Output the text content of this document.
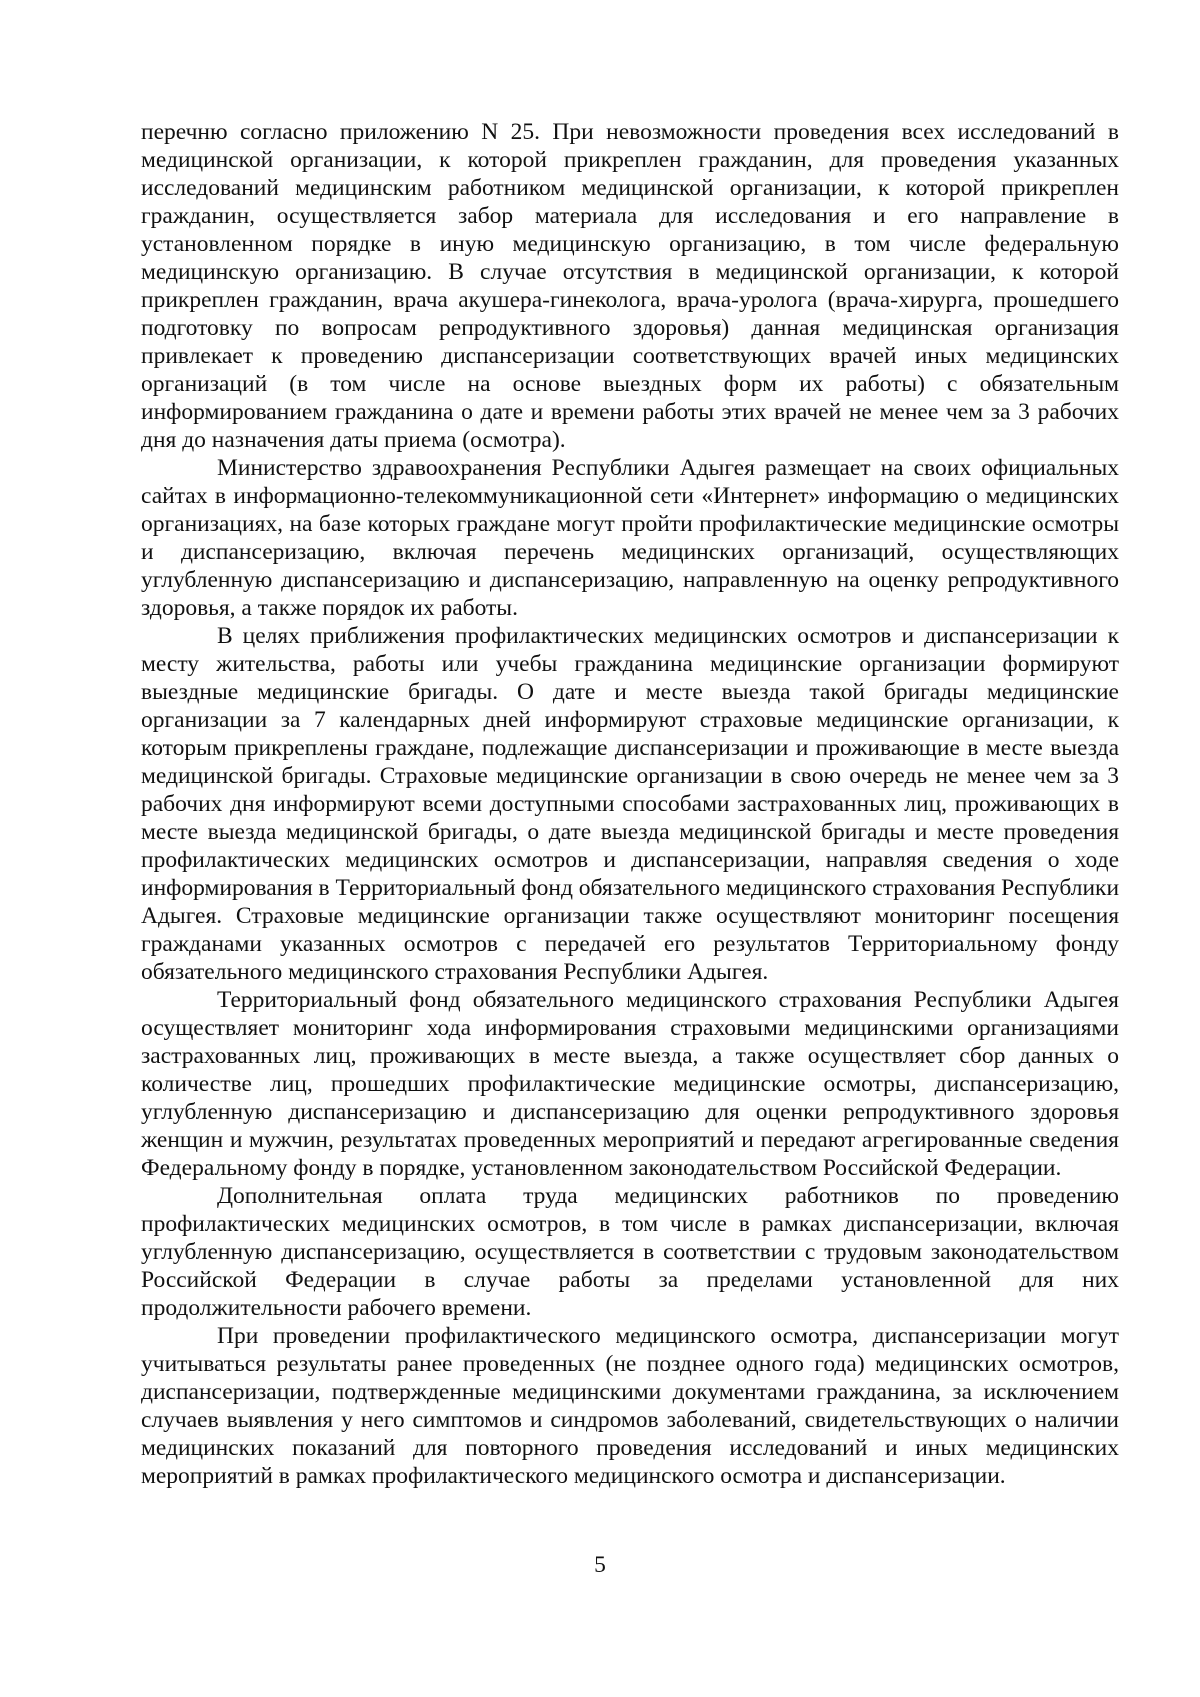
перечню согласно приложению N 25. При невозможности проведения всех исследований в медицинской организации, к которой прикреплен гражданин, для проведения указанных исследований медицинским работником медицинской организации, к которой прикреплен гражданин, осуществляется забор материала для исследования и его направление в установленном порядке в иную медицинскую организацию, в том числе федеральную медицинскую организацию. В случае отсутствия в медицинской организации, к которой прикреплен гражданин, врача акушера-гинеколога, врача-уролога (врача-хирурга, прошедшего подготовку по вопросам репродуктивного здоровья) данная медицинская организация привлекает к проведению диспансеризации соответствующих врачей иных медицинских организаций (в том числе на основе выездных форм их работы) с обязательным информированием гражданина о дате и времени работы этих врачей не менее чем за 3 рабочих дня до назначения даты приема (осмотра).

Министерство здравоохранения Республики Адыгея размещает на своих официальных сайтах в информационно-телекоммуникационной сети «Интернет» информацию о медицинских организациях, на базе которых граждане могут пройти профилактические медицинские осмотры и диспансеризацию, включая перечень медицинских организаций, осуществляющих углубленную диспансеризацию и диспансеризацию, направленную на оценку репродуктивного здоровья, а также порядок их работы.

В целях приближения профилактических медицинских осмотров и диспансеризации к месту жительства, работы или учебы гражданина медицинские организации формируют выездные медицинские бригады. О дате и месте выезда такой бригады медицинские организации за 7 календарных дней информируют страховые медицинские организации, к которым прикреплены граждане, подлежащие диспансеризации и проживающие в месте выезда медицинской бригады. Страховые медицинские организации в свою очередь не менее чем за 3 рабочих дня информируют всеми доступными способами застрахованных лиц, проживающих в месте выезда медицинской бригады, о дате выезда медицинской бригады и месте проведения профилактических медицинских осмотров и диспансеризации, направляя сведения о ходе информирования в Территориальный фонд обязательного медицинского страхования Республики Адыгея. Страховые медицинские организации также осуществляют мониторинг посещения гражданами указанных осмотров с передачей его результатов Территориальному фонду обязательного медицинского страхования Республики Адыгея.

Территориальный фонд обязательного медицинского страхования Республики Адыгея осуществляет мониторинг хода информирования страховыми медицинскими организациями застрахованных лиц, проживающих в месте выезда, а также осуществляет сбор данных о количестве лиц, прошедших профилактические медицинские осмотры, диспансеризацию, углубленную диспансеризацию и диспансеризацию для оценки репродуктивного здоровья женщин и мужчин, результатах проведенных мероприятий и передают агрегированные сведения Федеральному фонду в порядке, установленном законодательством Российской Федерации.

Дополнительная оплата труда медицинских работников по проведению профилактических медицинских осмотров, в том числе в рамках диспансеризации, включая углубленную диспансеризацию, осуществляется в соответствии с трудовым законодательством Российской Федерации в случае работы за пределами установленной для них продолжительности рабочего времени.

При проведении профилактического медицинского осмотра, диспансеризации могут учитываться результаты ранее проведенных (не позднее одного года) медицинских осмотров, диспансеризации, подтвержденные медицинскими документами гражданина, за исключением случаев выявления у него симптомов и синдромов заболеваний, свидетельствующих о наличии медицинских показаний для повторного проведения исследований и иных медицинских мероприятий в рамках профилактического медицинского осмотра и диспансеризации.

5
